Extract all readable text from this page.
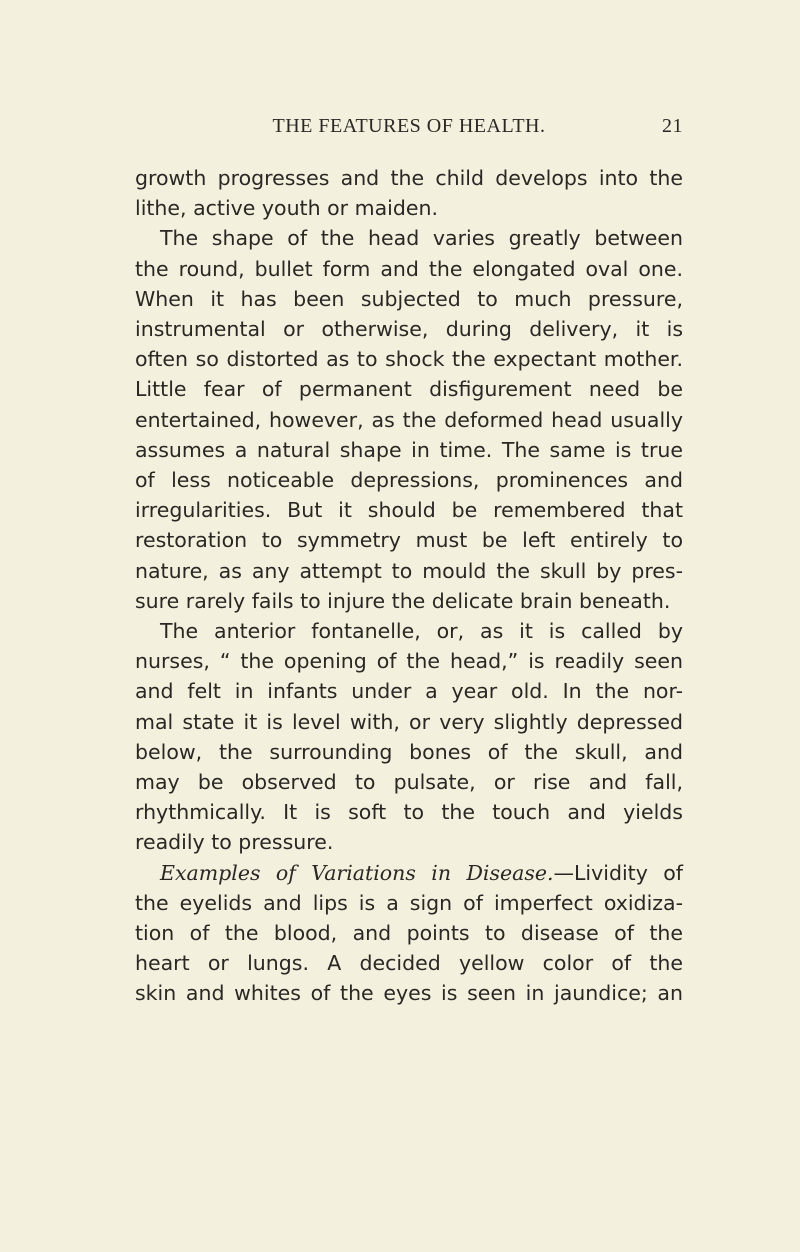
THE FEATURES OF HEALTH.	21
growth progresses and the child develops into the
lithe, active youth or maiden.
The shape of the head varies greatly between
the round, bullet form and the elongated oval one.
When it has been subjected to much pressure,
instrumental or otherwise, during delivery, it is
often so distorted as to shock the expectant mother.
Little fear of permanent disfigurement need be
entertained, however, as the deformed head usually
assumes a natural shape in time. The same is true
of less noticeable depressions, prominences and
irregularities. But it should be remembered that
restoration to symmetry must be left entirely to
nature, as any attempt to mould the skull by pres-
sure rarely fails to injure the delicate brain beneath.
The anterior fontanelle, or, as it is called by
nurses, “ the opening of the head,” is readily seen
and felt in infants under a year old. In the nor-
mal state it is level with, or very slightly depressed
below, the surrounding bones of the skull, and
may be observed to pulsate, or rise and fall,
rhythmically. It is soft to the touch and yields
readily to pressure.
Examples of Variations in Disease.—Lividity of
the eyelids and lips is a sign of imperfect oxidiza-
tion of the blood, and points to disease of the
heart or lungs. A decided yellow color of the
skin and whites of the eyes is seen in jaundice; an
